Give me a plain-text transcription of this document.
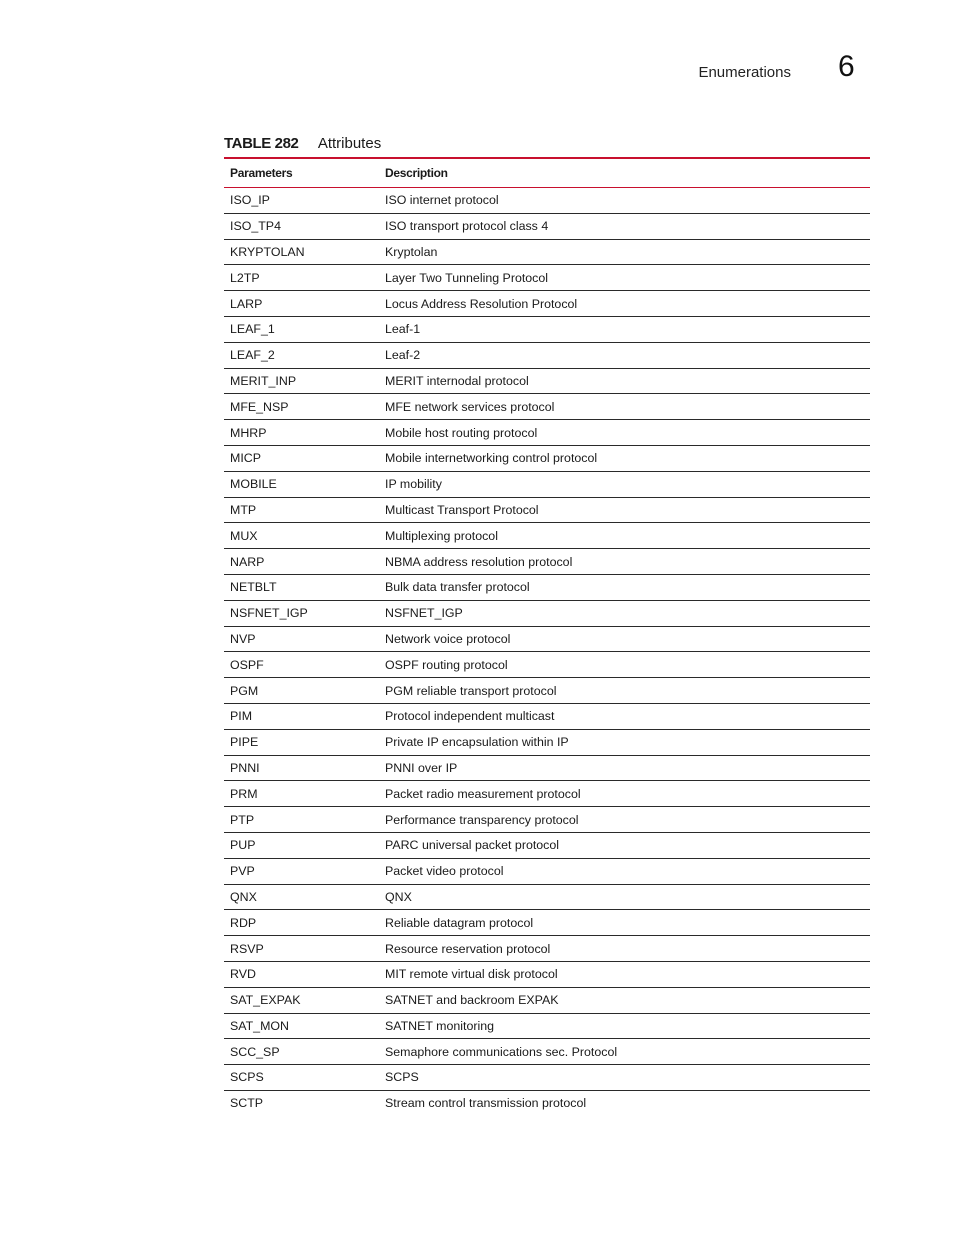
Enumerations 6
TABLE 282 Attributes
Parameters	Description
ISO_IP	ISO internet protocol
ISO_TP4	ISO transport protocol class 4
KRYPTOLAN	Kryptolan
L2TP	Layer Two Tunneling Protocol
LARP	Locus Address Resolution Protocol
LEAF_1	Leaf-1
LEAF_2	Leaf-2
MERIT_INP	MERIT internodal protocol
MFE_NSP	MFE network services protocol
MHRP	Mobile host routing protocol
MICP	Mobile internetworking control protocol
MOBILE	IP mobility
MTP	Multicast Transport Protocol
MUX	Multiplexing protocol
NARP	NBMA address resolution protocol
NETBLT	Bulk data transfer protocol
NSFNET_IGP	NSFNET_IGP
NVP	Network voice protocol
OSPF	OSPF routing protocol
PGM	PGM reliable transport protocol
PIM	Protocol independent multicast
PIPE	Private IP encapsulation within IP
PNNI	PNNI over IP
PRM	Packet radio measurement protocol
PTP	Performance transparency protocol
PUP	PARC universal packet protocol
PVP	Packet video protocol
QNX	QNX
RDP	Reliable datagram protocol
RSVP	Resource reservation protocol
RVD	MIT remote virtual disk protocol
SAT_EXPAK	SATNET and backroom EXPAK
SAT_MON	SATNET monitoring
SCC_SP	Semaphore communications sec. Protocol
SCPS	SCPS
SCTP	Stream control transmission protocol
